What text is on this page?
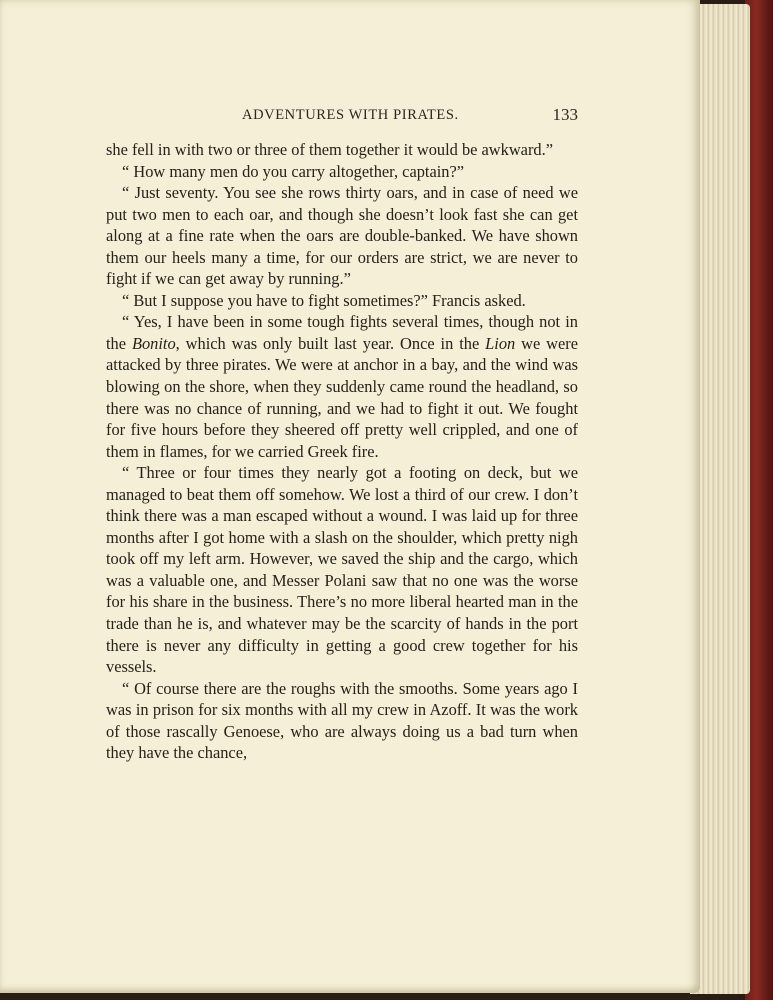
ADVENTURES WITH PIRATES.	133

she fell in with two or three of them together it would be awkward.”

“ How many men do you carry altogether, captain?”

“ Just seventy. You see she rows thirty oars, and in case of need we put two men to each oar, and though she doesn’t look fast she can get along at a fine rate when the oars are double-banked. We have shown them our heels many a time, for our orders are strict, we are never to fight if we can get away by running.”

“ But I suppose you have to fight sometimes?” Francis asked.

“ Yes, I have been in some tough fights several times, though not in the Bonito, which was only built last year. Once in the Lion we were attacked by three pirates. We were at anchor in a bay, and the wind was blowing on the shore, when they suddenly came round the headland, so there was no chance of running, and we had to fight it out. We fought for five hours before they sheered off pretty well crippled, and one of them in flames, for we carried Greek fire.

“ Three or four times they nearly got a footing on deck, but we managed to beat them off somehow. We lost a third of our crew. I don’t think there was a man escaped without a wound. I was laid up for three months after I got home with a slash on the shoulder, which pretty nigh took off my left arm. However, we saved the ship and the cargo, which was a valuable one, and Messer Polani saw that no one was the worse for his share in the business. There’s no more liberal hearted man in the trade than he is, and whatever may be the scarcity of hands in the port there is never any difficulty in getting a good crew together for his vessels.

“ Of course there are the roughs with the smooths. Some years ago I was in prison for six months with all my crew in Azoff. It was the work of those rascally Genoese, who are always doing us a bad turn when they have the chance,
